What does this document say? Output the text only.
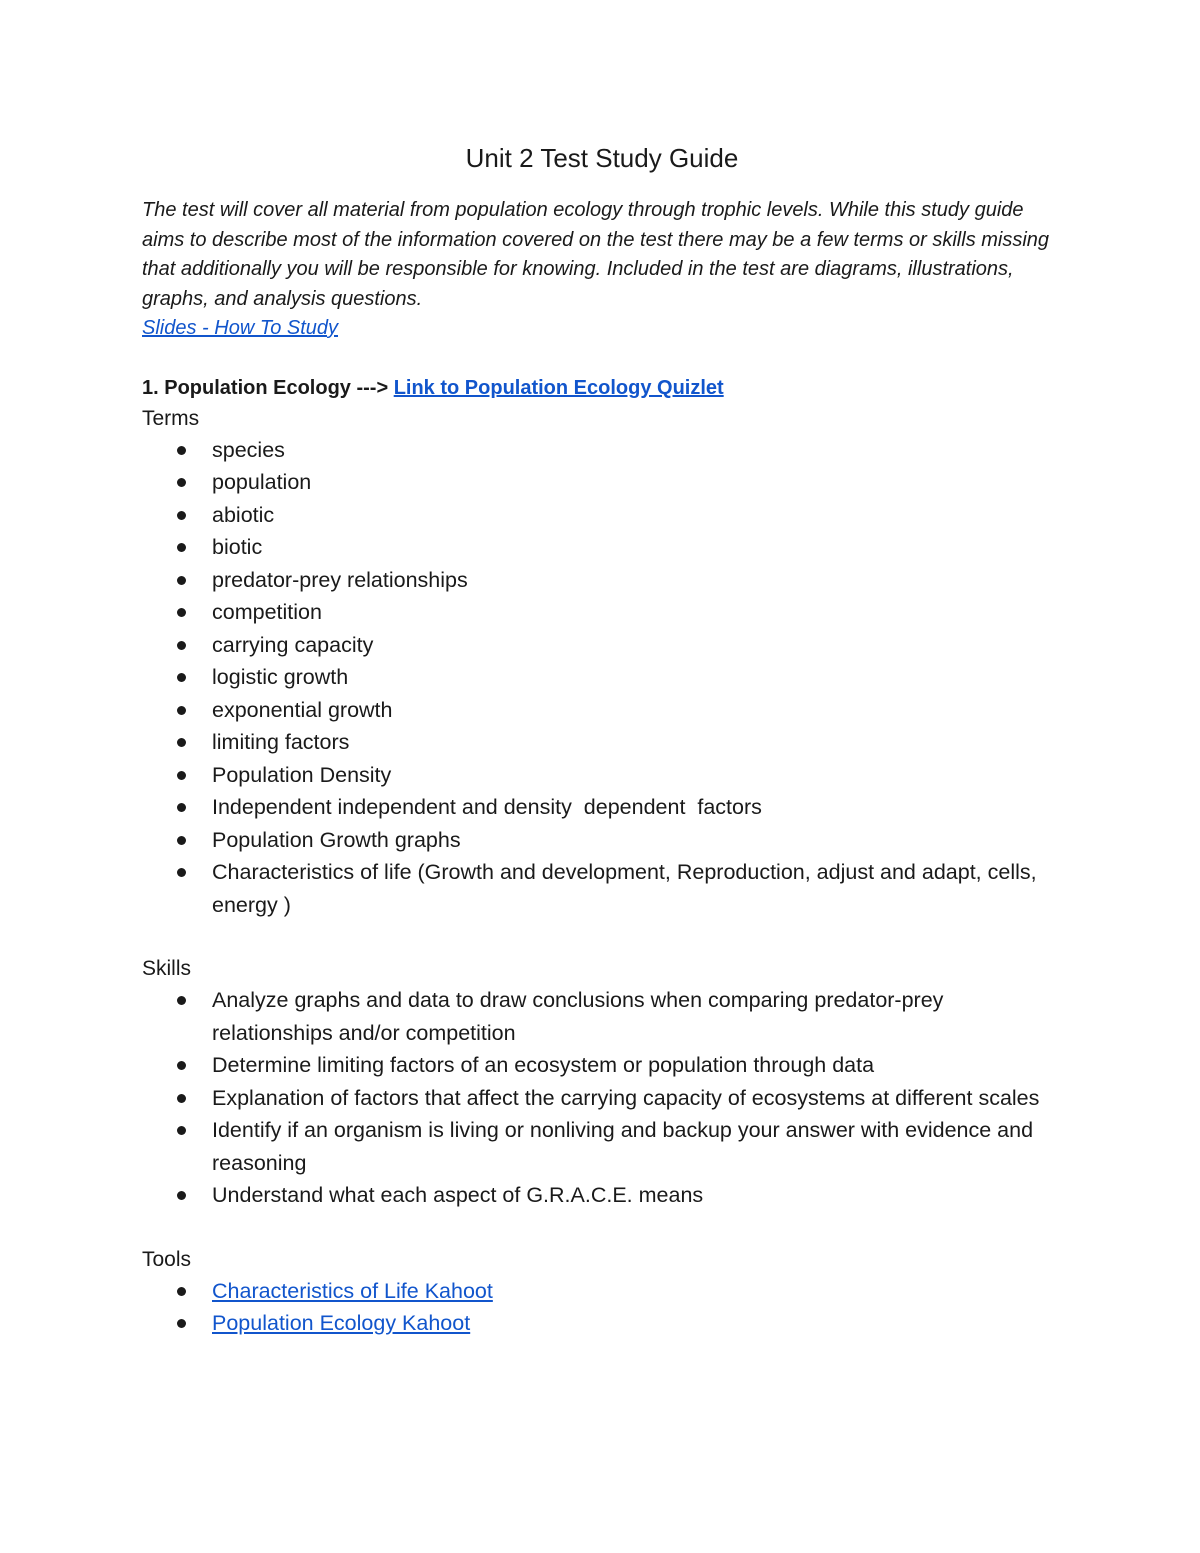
Unit 2 Test Study Guide

The test will cover all material from population ecology through trophic levels. While this study guide aims to describe most of the information covered on the test there may be a few terms or skills missing that additionally you will be responsible for knowing. Included in the test are diagrams, illustrations, graphs, and analysis questions.
Slides - How To Study

1. Population Ecology ---> Link to Population Ecology Quizlet
Terms
species
population
abiotic
biotic
predator-prey relationships
competition
carrying capacity
logistic growth
exponential growth
limiting factors
Population Density
Independent independent and density  dependent  factors
Population Growth graphs
Characteristics of life (Growth and development, Reproduction, adjust and adapt, cells, energy )
Skills
Analyze graphs and data to draw conclusions when comparing predator-prey relationships and/or competition
Determine limiting factors of an ecosystem or population through data
Explanation of factors that affect the carrying capacity of ecosystems at different scales
Identify if an organism is living or nonliving and backup your answer with evidence and reasoning
Understand what each aspect of G.R.A.C.E. means
Tools
Characteristics of Life Kahoot
Population Ecology Kahoot
